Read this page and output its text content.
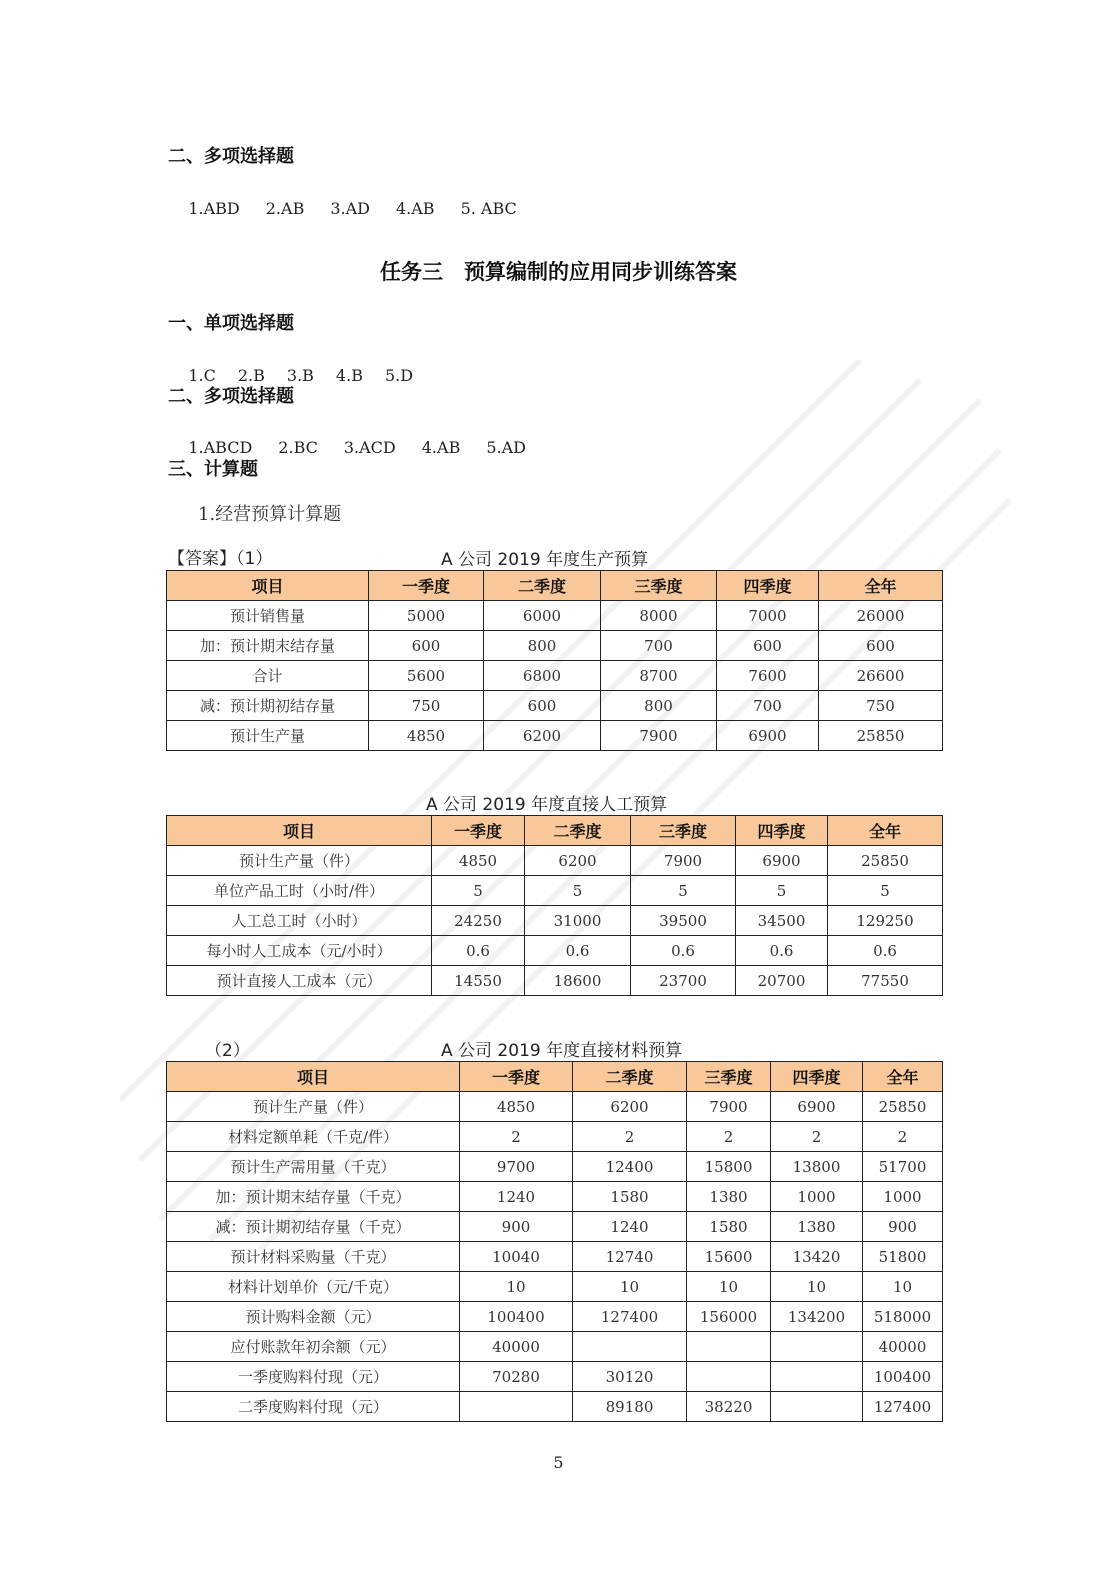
二、多项选择题

1.ABD 2.AB 3.AD 4.AB 5. ABC

任务三　预算编制的应用同步训练答案
一、单项选择题

1.C 2.B 3.B 4.B 5.D

二、多项选择题

1.ABCD 2.BC 3.ACD 4.AB 5.AD

三、计算题
1.经营预算计算题
【答案】（1）	A 公司 2019 年度生产预算
项目	一季度	二季度	三季度	四季度	全年
预计销售量	5000	6000	8000	7000	26000
加：预计期末结存量	600	800	700	600	600
合计	5600	6800	8700	7600	26600
减：预计期初结存量	750	600	800	700	750
预计生产量	4850	6200	7900	6900	25850
A 公司 2019 年度直接人工预算
项目	一季度	二季度	三季度	四季度	全年
预计生产量（件）	4850	6200	7900	6900	25850
单位产品工时（小时/件）	5	5	5	5	5
人工总工时（小时）	24250	31000	39500	34500	129250
每小时人工成本（元/小时）	0.6	0.6	0.6	0.6	0.6
预计直接人工成本（元）	14550	18600	23700	20700	77550
（2）	A 公司 2019 年度直接材料预算
项目	一季度	二季度	三季度	四季度	全年
预计生产量（件）	4850	6200	7900	6900	25850
材料定额单耗（千克/件）	2	2	2	2	2
预计生产需用量（千克）	9700	12400	15800	13800	51700
加：预计期末结存量（千克）	1240	1580	1380	1000	1000
减：预计期初结存量（千克）	900	1240	1580	1380	900
预计材料采购量（千克）	10040	12740	15600	13420	51800
材料计划单价（元/千克）	10	10	10	10	10
预计购料金额（元）	100400	127400	156000	134200	518000
应付账款年初余额（元）	40000				40000
一季度购料付现（元）	70280	30120			100400
二季度购料付现（元）		89180	38220		127400
5
